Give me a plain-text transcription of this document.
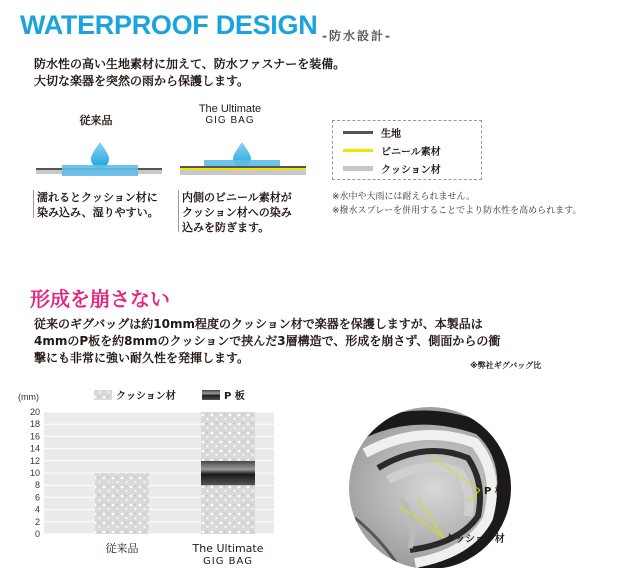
WATERPROOF DESIGN -防水設計-
防水性の高い生地素材に加えて、防水ファスナーを装備。
大切な楽器を突然の雨から保護します。
従来品
The Ultimate
GIG BAG
濡れるとクッション材に
染み込み、湿りやすい。
内側のビニール素材が
クッション材への染み
込みを防ぎます。
生地
ビニール素材
クッション材
※水中や大雨には耐えられません。
※撥水スプレーを併用することでより防水性を高められます。
形成を崩さない
従来のギグバッグは約10mm程度のクッション材で楽器を保護しますが、本製品は
4mmのP板を約8mmのクッションで挟んだ3層構造で、形成を崩さず、側面からの衝
撃にも非常に強い耐久性を発揮します。
※弊社ギグバッグ比
(mm)	クッション材	P 板
0
2
4
6
8
10
12
14
16
18
20
従来品	The Ultimate
GIG BAG
P 板
クッション材
